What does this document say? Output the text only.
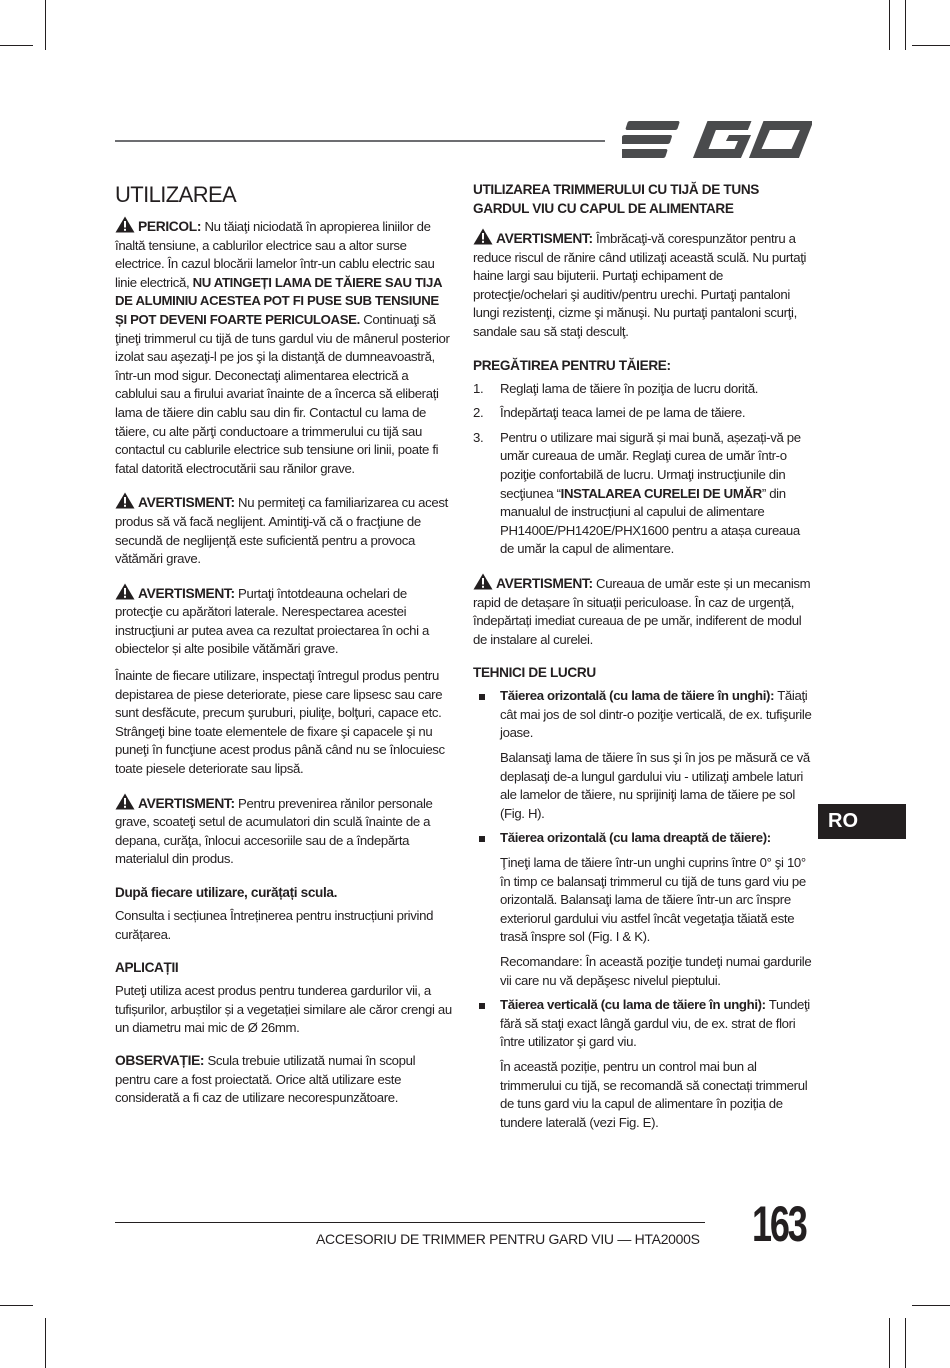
UTILIZAREA

PERICOL: Nu tăiaţi niciodată în apropierea liniilor de înaltă tensiune, a cablurilor electrice sau a altor surse electrice. În cazul blocării lamelor într-un cablu electric sau linie electrică, NU ATINGEȚI LAMA DE TĂIERE SAU TIJA DE ALUMINIU ACESTEA POT FI PUSE SUB TENSIUNE ȘI POT DEVENI FOARTE PERICULOASE. Continuaţi să ţineţi trimmerul cu tijă de tuns gardul viu de mânerul posterior izolat sau aşezaţi-l pe jos şi la distanţă de dumneavoastră, într-un mod sigur. Deconectaţi alimentarea electrică a cablului sau a firului avariat înainte de a încerca să eliberați lama de tăiere din cablu sau din fir. Contactul cu lama de tăiere, cu alte părţi conductoare a trimmerului cu tijă sau contactul cu cablurile electrice sub tensiune ori linii, poate fi fatal datorită electrocutării sau rănilor grave.

AVERTISMENT: Nu permiteţi ca familiarizarea cu acest produs să vă facă neglijent. Amintiţi-vă că o fracţiune de secundă de neglijenţă este suficientă pentru a provoca vătămări grave.

AVERTISMENT: Purtaţi întotdeauna ochelari de protecţie cu apărători laterale. Nerespectarea acestei instrucţiuni ar putea avea ca rezultat proiectarea în ochi a obiectelor și alte posibile vătămări grave.

Înainte de fiecare utilizare, inspectaţi întregul produs pentru depistarea de piese deteriorate, piese care lipsesc sau care sunt desfăcute, precum şuruburi, piuliţe, bolţuri, capace etc. Strângeţi bine toate elementele de fixare şi capacele şi nu puneţi în funcţiune acest produs până când nu se înlocuiesc toate piesele deteriorate sau lipsă.

AVERTISMENT: Pentru prevenirea rănilor personale grave, scoateţi setul de acumulatori din sculă înainte de a depana, curăţa, înlocui accesoriile sau de a îndepărta materialul din produs.

După fiecare utilizare, curățați scula.

Consulta i secțiunea Întreținerea pentru instrucțiuni privind curățarea.

APLICAȚII

Puteţi utiliza acest produs pentru tunderea gardurilor vii, a tufișurilor, arbuștilor și a vegetației similare ale căror crengi au un diametru mai mic de Ø 26mm.

OBSERVAȚIE: Scula trebuie utilizată numai în scopul pentru care a fost proiectată. Orice altă utilizare este considerată a fi caz de utilizare necorespunzătoare.

UTILIZAREA TRIMMERULUI CU TIJĂ DE TUNS GARDUL VIU CU CAPUL DE ALIMENTARE

AVERTISMENT: Îmbrăcaţi-vă corespunzător pentru a reduce riscul de rănire când utilizaţi această sculă. Nu purtaţi haine largi sau bijuterii. Purtaţi echipament de protecţie/ochelari şi auditiv/pentru urechi. Purtaţi pantaloni lungi rezistenţi, cizme şi mănuşi. Nu purtaţi pantaloni scurţi, sandale sau să staţi desculţ.

PREGĂTIREA PENTRU TĂIERE:
1. Reglaţi lama de tăiere în poziţia de lucru dorită.
2. Îndepărtaţi teaca lamei de pe lama de tăiere.
3. Pentru o utilizare mai sigură și mai bună, așezați-vă pe umăr cureaua de umăr. Reglaţi curea de umăr într-o poziţie confortabilă de lucru. Urmaţi instrucţiunile din secţiunea “INSTALAREA CURELEI DE UMĂR” din manualul de instrucțiuni al capului de alimentare PH1400E/PH1420E/PHX1600 pentru a atașa cureaua de umăr la capul de alimentare.

AVERTISMENT: Cureaua de umăr este și un mecanism rapid de detașare în situații periculoase. În caz de urgență, îndepărtați imediat cureaua de pe umăr, indiferent de modul de instalare al curelei.

TEHNICI DE LUCRU

Tăierea orizontală (cu lama de tăiere în unghi): Tăiaţi cât mai jos de sol dintr-o poziţie verticală, de ex. tufişurile joase.

Balansaţi lama de tăiere în sus şi în jos pe măsură ce vă deplasaţi de-a lungul gardului viu - utilizaţi ambele laturi ale lamelor de tăiere, nu sprijiniţi lama de tăiere pe sol (Fig. H).

Tăierea orizontală (cu lama dreaptă de tăiere):

Ţineţi lama de tăiere într-un unghi cuprins între 0° şi 10° în timp ce balansaţi trimmerul cu tijă de tuns gard viu pe orizontală. Balansaţi lama de tăiere într-un arc înspre exteriorul gardului viu astfel încât vegetaţia tăiată este trasă înspre sol (Fig. I & K).

Recomandare: În această poziţie tundeţi numai gardurile vii care nu vă depăşesc nivelul pieptului.

Tăierea verticală (cu lama de tăiere în unghi): Tundeţi fără să staţi exact lângă gardul viu, de ex. strat de flori între utilizator şi gard viu.

În această poziție, pentru un control mai bun al trimmerului cu tijă, se recomandă să conectați trimmerul de tuns gard viu la capul de alimentare în poziția de tundere laterală (vezi Fig. E).

RO
ACCESORIU DE TRIMMER PENTRU GARD VIU — HTA2000S 163
